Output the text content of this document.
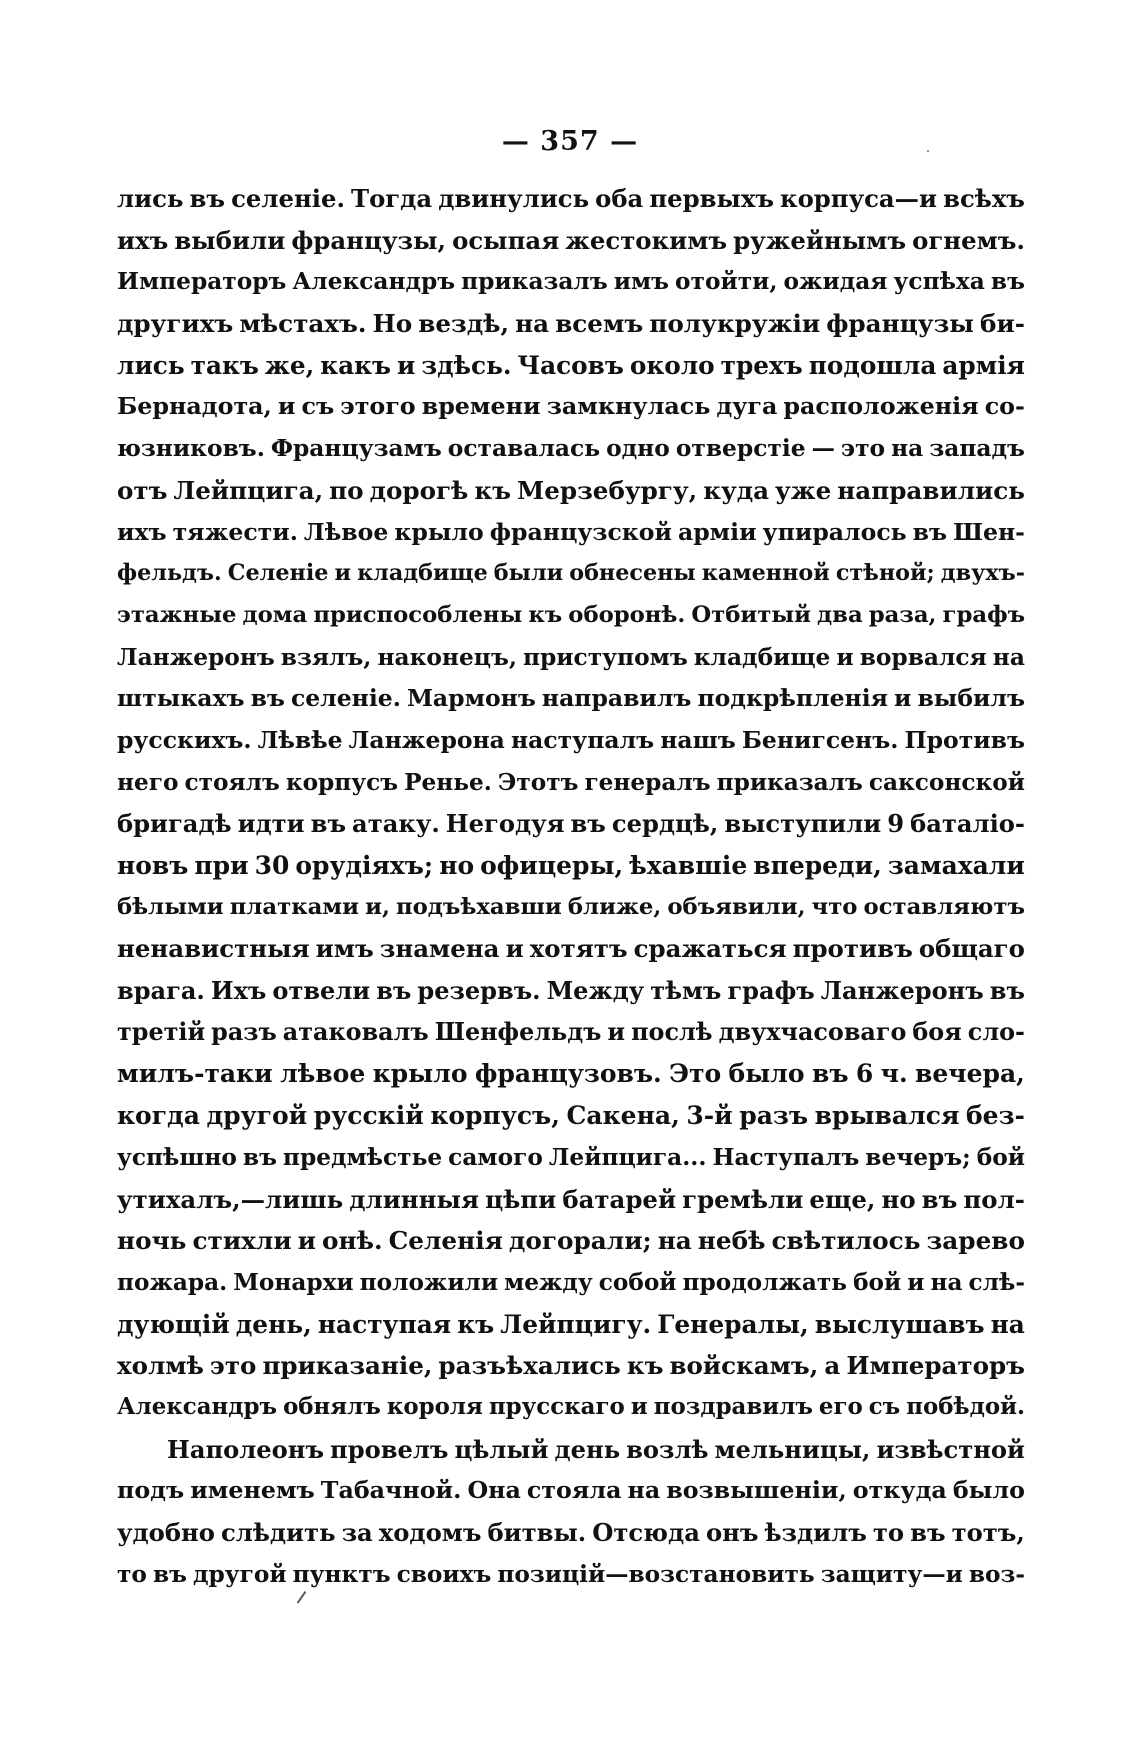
— 357 —
лись въ селеніе. Тогда двинулись оба первыхъ корпуса—и всѣхъ
ихъ выбили французы, осыпая жестокимъ ружейнымъ огнемъ.
Императоръ Александръ приказалъ имъ отойти, ожидая успѣха въ
другихъ мѣстахъ. Но вездѣ, на всемъ полукружіи французы би-
лись такъ же, какъ и здѣсь. Часовъ около трехъ подошла армія
Бернадота, и съ этого времени замкнулась дуга расположенія со-
юзниковъ. Французамъ оставалась одно отверстіе — это на западъ
отъ Лейпцига, по дорогѣ къ Мерзебургу, куда уже направились
ихъ тяжести. Лѣвое крыло французской арміи упиралось въ Шен-
фельдъ. Селеніе и кладбище были обнесены каменной стѣной; двухъ-
этажные дома приспособлены къ оборонѣ. Отбитый два раза, графъ
Ланжеронъ взялъ, наконецъ, приступомъ кладбище и ворвался на
штыкахъ въ селеніе. Мармонъ направилъ подкрѣпленія и выбилъ
русскихъ. Лѣвѣе Ланжерона наступалъ нашъ Бенигсенъ. Противъ
него стоялъ корпусъ Ренье. Этотъ генералъ приказалъ саксонской
бригадѣ идти въ атаку. Негодуя въ сердцѣ, выступили 9 баталіо-
новъ при 30 орудіяхъ; но офицеры, ѣхавшіе впереди, замахали
бѣлыми платками и, подъѣхавши ближе, объявили, что оставляютъ
ненавистныя имъ знамена и хотятъ сражаться противъ общаго
врага. Ихъ отвели въ резервъ. Между тѣмъ графъ Ланжеронъ въ
третій разъ атаковалъ Шенфельдъ и послѣ двухчасоваго боя сло-
милъ-таки лѣвое крыло французовъ. Это было въ 6 ч. вечера,
когда другой русскій корпусъ, Сакена, 3-й разъ врывался без-
успѣшно въ предмѣстье самого Лейпцига... Наступалъ вечеръ; бой
утихалъ,—лишь длинныя цѣпи батарей гремѣли еще, но въ пол-
ночь стихли и онѣ. Селенія догорали; на небѣ свѣтилось зарево
пожара. Монархи положили между собой продолжать бой и на слѣ-
дующій день, наступая къ Лейпцигу. Генералы, выслушавъ на
холмѣ это приказаніе, разъѣхались къ войскамъ, а Императоръ
Александръ обнялъ короля прусскаго и поздравилъ его съ побѣдой.
Наполеонъ провелъ цѣлый день возлѣ мельницы, извѣстной
подъ именемъ Табачной. Она стояла на возвышеніи, откуда было
удобно слѣдить за ходомъ битвы. Отсюда онъ ѣздилъ то въ тотъ,
то въ другой пунктъ своихъ позицій—возстановить защиту—и воз-
